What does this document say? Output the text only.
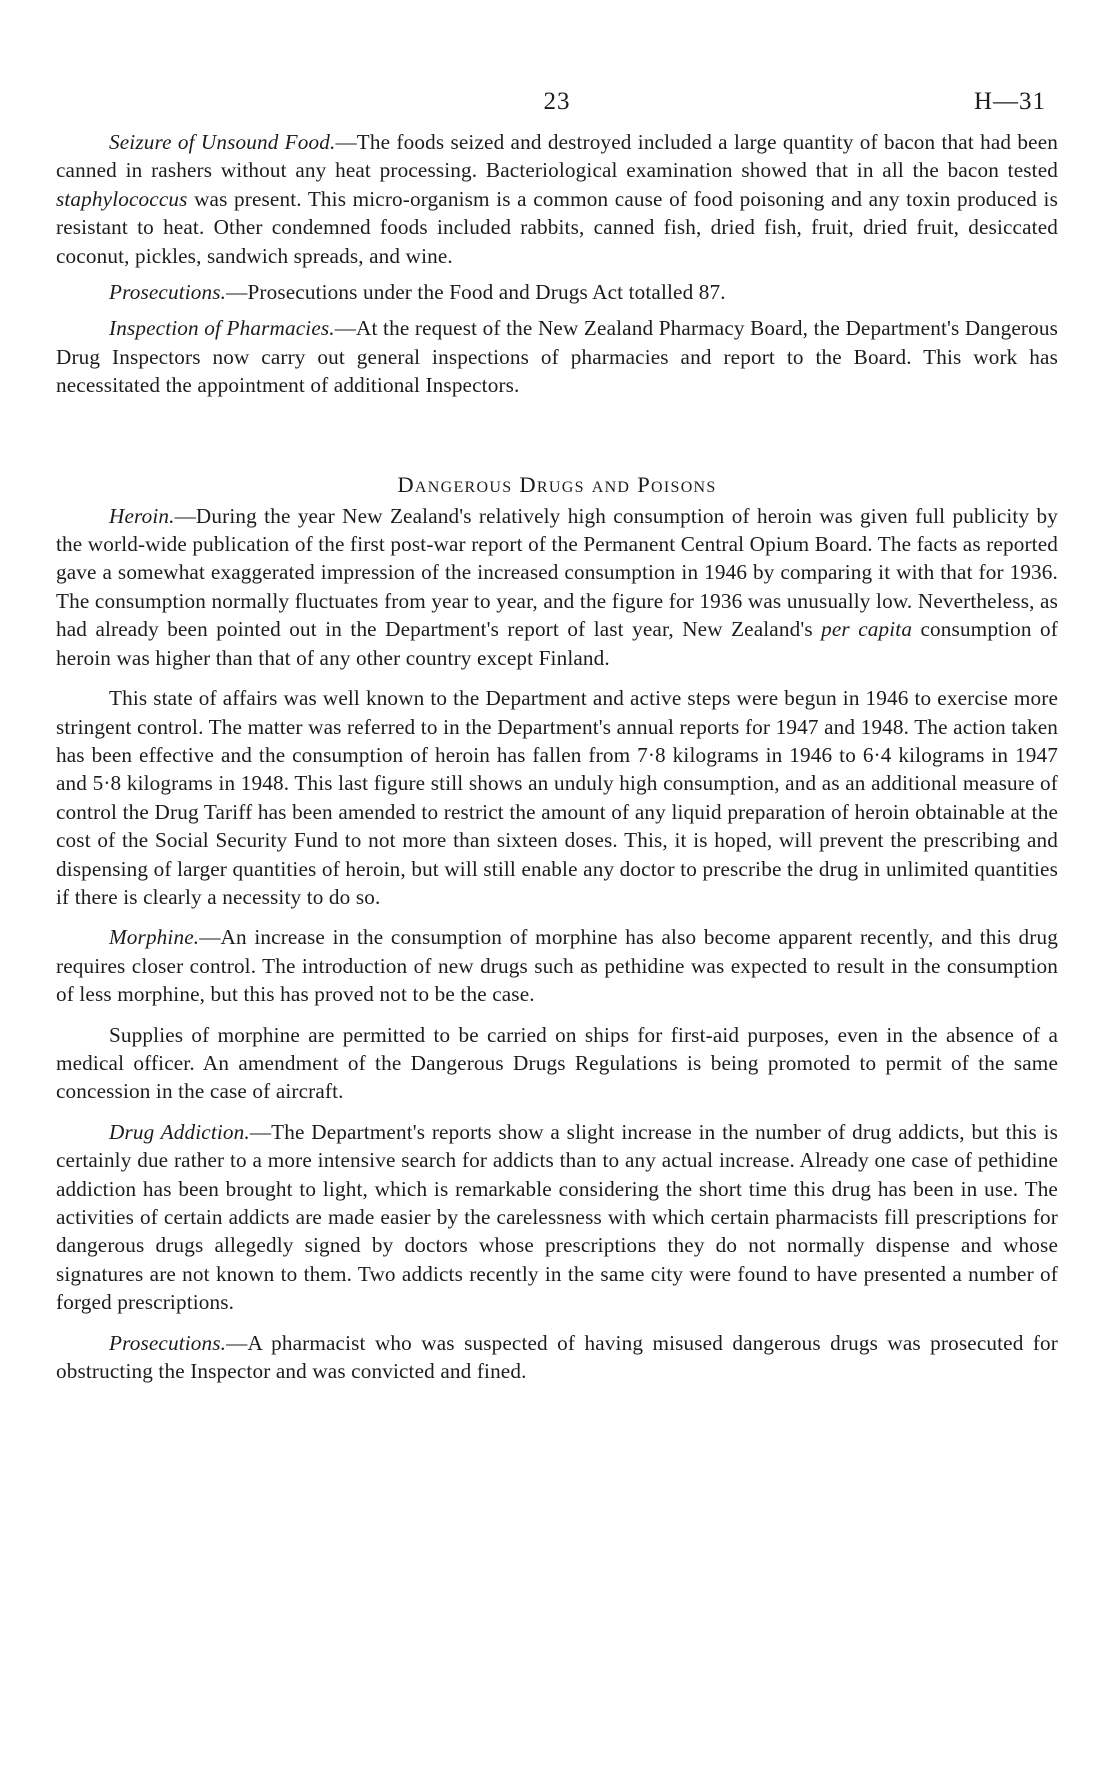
23	H—31

Seizure of Unsound Food.—The foods seized and destroyed included a large quantity of bacon that had been canned in rashers without any heat processing. Bacteriological examination showed that in all the bacon tested staphylococcus was present. This micro-organism is a common cause of food poisoning and any toxin produced is resistant to heat. Other condemned foods included rabbits, canned fish, dried fish, fruit, dried fruit, desiccated coconut, pickles, sandwich spreads, and wine.

Prosecutions.—Prosecutions under the Food and Drugs Act totalled 87.

Inspection of Pharmacies.—At the request of the New Zealand Pharmacy Board, the Department's Dangerous Drug Inspectors now carry out general inspections of pharmacies and report to the Board. This work has necessitated the appointment of additional Inspectors.

Dangerous Drugs and Poisons

Heroin.—During the year New Zealand's relatively high consumption of heroin was given full publicity by the world-wide publication of the first post-war report of the Permanent Central Opium Board. The facts as reported gave a somewhat exaggerated impression of the increased consumption in 1946 by comparing it with that for 1936. The consumption normally fluctuates from year to year, and the figure for 1936 was unusually low. Nevertheless, as had already been pointed out in the Department's report of last year, New Zealand's per capita consumption of heroin was higher than that of any other country except Finland.

This state of affairs was well known to the Department and active steps were begun in 1946 to exercise more stringent control. The matter was referred to in the Department's annual reports for 1947 and 1948. The action taken has been effective and the consumption of heroin has fallen from 7·8 kilograms in 1946 to 6·4 kilograms in 1947 and 5·8 kilograms in 1948. This last figure still shows an unduly high consumption, and as an additional measure of control the Drug Tariff has been amended to restrict the amount of any liquid preparation of heroin obtainable at the cost of the Social Security Fund to not more than sixteen doses. This, it is hoped, will prevent the prescribing and dispensing of larger quantities of heroin, but will still enable any doctor to prescribe the drug in unlimited quantities if there is clearly a necessity to do so.

Morphine.—An increase in the consumption of morphine has also become apparent recently, and this drug requires closer control. The introduction of new drugs such as pethidine was expected to result in the consumption of less morphine, but this has proved not to be the case.

Supplies of morphine are permitted to be carried on ships for first-aid purposes, even in the absence of a medical officer. An amendment of the Dangerous Drugs Regulations is being promoted to permit of the same concession in the case of aircraft.

Drug Addiction.—The Department's reports show a slight increase in the number of drug addicts, but this is certainly due rather to a more intensive search for addicts than to any actual increase. Already one case of pethidine addiction has been brought to light, which is remarkable considering the short time this drug has been in use. The activities of certain addicts are made easier by the carelessness with which certain pharmacists fill prescriptions for dangerous drugs allegedly signed by doctors whose prescriptions they do not normally dispense and whose signatures are not known to them. Two addicts recently in the same city were found to have presented a number of forged prescriptions.

Prosecutions.—A pharmacist who was suspected of having misused dangerous drugs was prosecuted for obstructing the Inspector and was convicted and fined.
